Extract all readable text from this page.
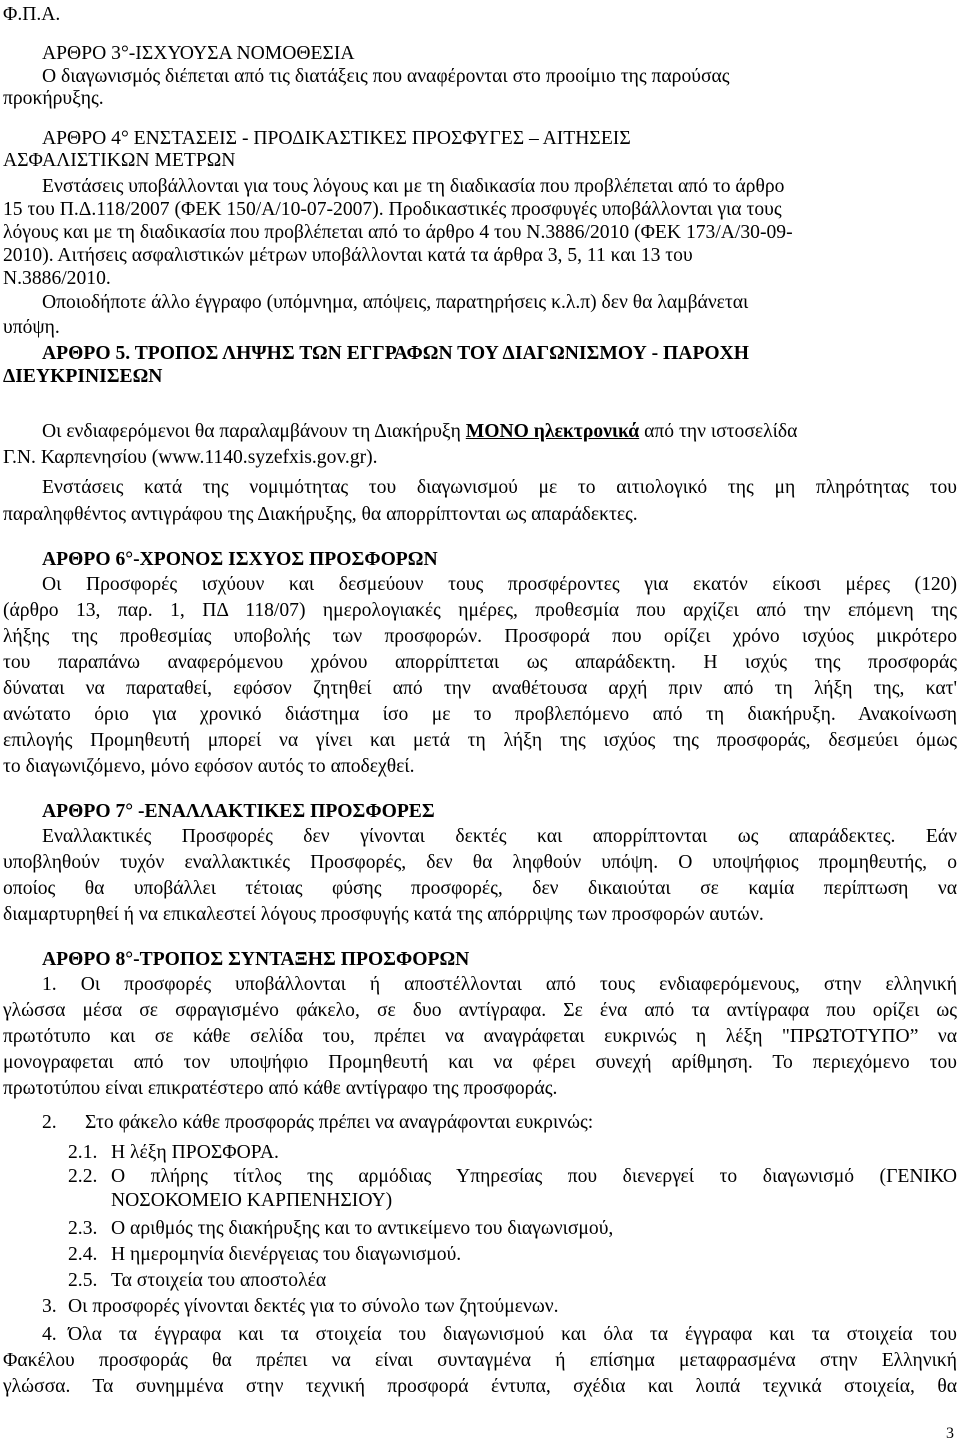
Φ.Π.Α.
ΑΡΘΡΟ 3°-ΙΣΧΥΟΥΣΑ ΝΟΜΟΘΕΣΙΑ
Ο διαγωνισμός διέπεται από τις διατάξεις που αναφέρονται στο προοίμιο της παρούσας
προκήρυξης.
ΑΡΘΡΟ 4° ΕΝΣΤΑΣΕΙΣ - ΠΡΟΔΙΚΑΣΤΙΚΕΣ ΠΡΟΣΦΥΓΕΣ – ΑΙΤΗΣΕΙΣ
ΑΣΦΑΛΙΣΤΙΚΩΝ ΜΕΤΡΩΝ
Ενστάσεις υποβάλλονται για τους λόγους και με τη διαδικασία που προβλέπεται από το άρθρο
15 του Π.Δ.118/2007 (ΦΕΚ 150/Α/10-07-2007). Προδικαστικές προσφυγές υποβάλλονται για τους
λόγους και με τη διαδικασία που προβλέπεται από το άρθρο 4 του Ν.3886/2010 (ΦΕΚ 173/Α/30-09-
2010). Αιτήσεις ασφαλιστικών μέτρων υποβάλλονται κατά τα άρθρα 3, 5, 11 και 13 του
Ν.3886/2010.
Οποιοδήποτε άλλο έγγραφο (υπόμνημα, απόψεις, παρατηρήσεις κ.λ.π) δεν θα λαμβάνεται
υπόψη.
ΑΡΘΡΟ 5. ΤΡΟΠΟΣ ΛΗΨΗΣ ΤΩΝ ΕΓΓΡΑΦΩΝ ΤΟΥ ΔΙΑΓΩΝΙΣΜΟΥ - ΠΑΡΟΧΗ
ΔΙΕΥΚΡΙΝΙΣΕΩΝ
Οι ενδιαφερόμενοι θα παραλαμβάνουν τη Διακήρυξη ΜΟΝΟ ηλεκτρονικά από την ιστοσελίδα
Γ.Ν. Καρπενησίου (www.1140.syzefxis.gov.gr).
Ενστάσεις κατά της νομιμότητας του διαγωνισμού με το αιτιολογικό της μη πληρότητας του
παραληφθέντος αντιγράφου της Διακήρυξης, θα απορρίπτονται ως απαράδεκτες.
ΑΡΘΡΟ 6°-ΧΡΟΝΟΣ ΙΣΧΥΟΣ ΠΡΟΣΦΟΡΩΝ
Οι Προσφορές ισχύουν και δεσμεύουν τους προσφέροντες για εκατόν είκοσι μέρες (120)
(άρθρο 13, παρ. 1, ΠΔ 118/07) ημερολογιακές ημέρες, προθεσμία που αρχίζει από την επόμενη της
λήξης της προθεσμίας υποβολής των προσφορών. Προσφορά που ορίζει χρόνο ισχύος μικρότερο
του παραπάνω αναφερόμενου χρόνου απορρίπτεται ως απαράδεκτη. Η ισχύς της προσφοράς
δύναται να παραταθεί, εφόσον ζητηθεί από την αναθέτουσα αρχή πριν από τη λήξη της, κατ'
ανώτατο όριο για χρονικό διάστημα ίσο με το προβλεπόμενο από τη διακήρυξη. Ανακοίνωση
επιλογής Προμηθευτή μπορεί να γίνει και μετά τη λήξη της ισχύος της προσφοράς, δεσμεύει όμως
το διαγωνιζόμενο, μόνο εφόσον αυτός το αποδεχθεί.
ΑΡΘΡΟ 7° -ΕΝΑΛΛΑΚΤΙΚΕΣ ΠΡΟΣΦΟΡΕΣ
Εναλλακτικές Προσφορές δεν γίνονται δεκτές και απορρίπτονται ως απαράδεκτες. Εάν
υποβληθούν τυχόν εναλλακτικές Προσφορές, δεν θα ληφθούν υπόψη. Ο υποψήφιος προμηθευτής, ο
οποίος θα υποβάλλει τέτοιας φύσης προσφορές, δεν δικαιούται σε καμία περίπτωση να
διαμαρτυρηθεί ή να επικαλεστεί λόγους προσφυγής κατά της απόρριψης των προσφορών αυτών.
ΑΡΘΡΟ 8°-ΤΡΟΠΟΣ ΣΥΝΤΑΞΗΣ ΠΡΟΣΦΟΡΩΝ
1. Οι προσφορές υποβάλλονται ή αποστέλλονται από τους ενδιαφερόμενους, στην ελληνική
γλώσσα μέσα σε σφραγισμένο φάκελο, σε δυο αντίγραφα. Σε ένα από τα αντίγραφα που ορίζει ως
πρωτότυπο και σε κάθε σελίδα του, πρέπει να αναγράφεται ευκρινώς η λέξη "ΠΡΩΤΟΤΥΠΟ” να
μονογραφεται από τον υποψήφιο Προμηθευτή και να φέρει συνεχή αρίθμηση. Το περιεχόμενο του
πρωτοτύπου είναι επικρατέστερο από κάθε αντίγραφο της προσφοράς.
2. Στο φάκελο κάθε προσφοράς πρέπει να αναγράφονται ευκρινώς:
2.1. Η λέξη ΠΡΟΣΦΟΡΑ.
2.2. Ο πλήρης τίτλος της αρμόδιας Υπηρεσίας που διενεργεί το διαγωνισμό (ΓΕΝΙΚΟ
ΝΟΣΟΚΟΜΕΙΟ ΚΑΡΠΕΝΗΣΙΟΥ)
2.3. Ο αριθμός της διακήρυξης και το αντικείμενο του διαγωνισμού,
2.4. Η ημερομηνία διενέργειας του διαγωνισμού.
2.5. Τα στοιχεία του αποστολέα
3. Οι προσφορές γίνονται δεκτές για το σύνολο των ζητούμενων.
4. Όλα τα έγγραφα και τα στοιχεία του διαγωνισμού και όλα τα έγγραφα και τα στοιχεία του
Φακέλου προσφοράς θα πρέπει να είναι συνταγμένα ή επίσημα μεταφρασμένα στην Ελληνική
γλώσσα. Τα συνημμένα στην τεχνική προσφορά έντυπα, σχέδια και λοιπά τεχνικά στοιχεία, θα
3
